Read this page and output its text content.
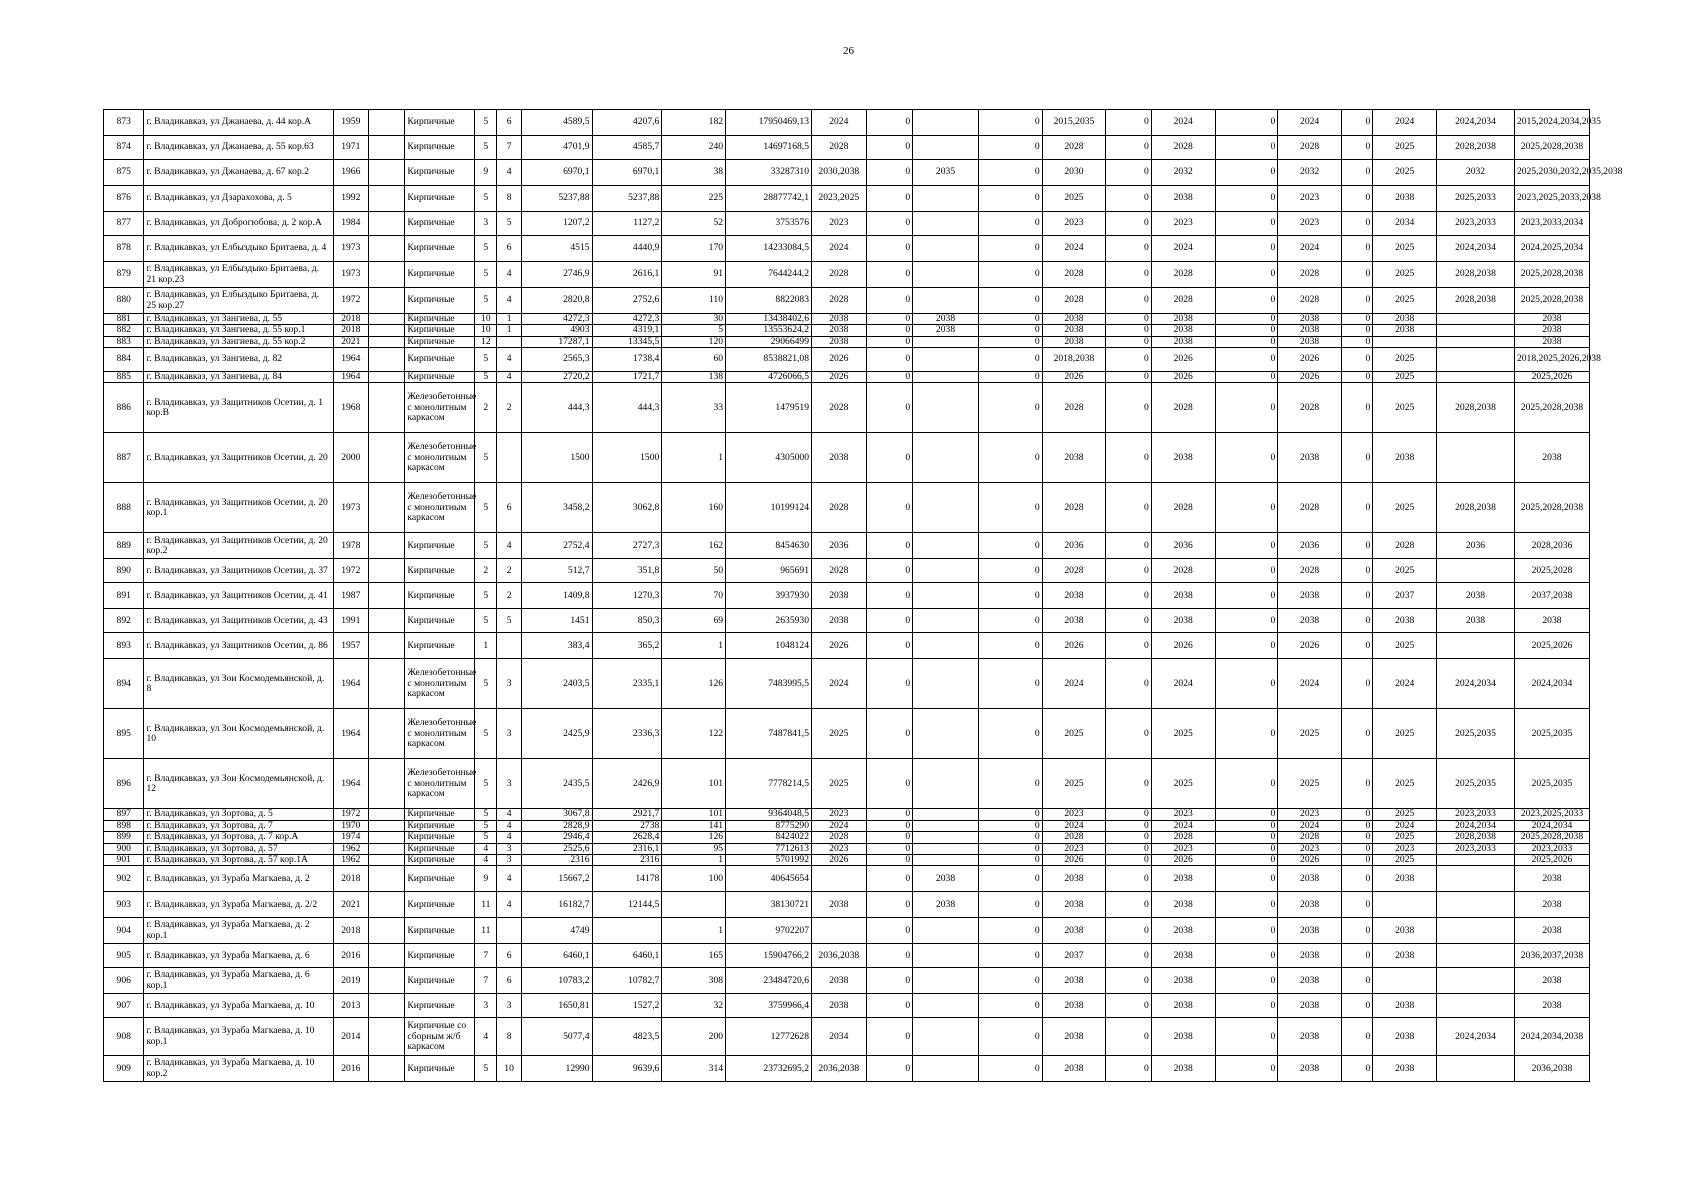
26
873	г. Владикавказ, ул Джанаева, д. 44 кор.А	1959		Кирпичные	5	6	4589,5	4207,6	182	17950469,13	2024	0		0	2015,2035	0	2024	0	2024	0	2024	2024,2034	2015,2024,2034,2035
874	г. Владикавказ, ул Джанаева, д. 55 кор.63	1971		Кирпичные	5	7	4701,9	4585,7	240	14697168,5	2028	0		0	2028	0	2028	0	2028	0	2025	2028,2038	2025,2028,2038
875	г. Владикавказ, ул Джанаева, д. 67 кор.2	1966		Кирпичные	9	4	6970,1	6970,1	38	33287310	2030,2038	0	2035	0	2030	0	2032	0	2032	0	2025	2032	2025,2030,2032,2035,2038
876	г. Владикавказ, ул Дзарахохова, д. 5	1992		Кирпичные	5	8	5237,88	5237,88	225	28877742,1	2023,2025	0		0	2025	0	2038	0	2023	0	2038	2025,2033	2023,2025,2033,2038
877	г. Владикавказ, ул Доброгюбова, д. 2 кор.А	1984		Кирпичные	3	5	1207,2	1127,2	52	3753576	2023	0		0	2023	0	2023	0	2023	0	2034	2023,2033	2023,2033,2034
878	г. Владикавказ, ул Елбыздыко Бритаева, д. 4	1973		Кирпичные	5	6	4515	4440,9	170	14233084,5	2024	0		0	2024	0	2024	0	2024	0	2025	2024,2034	2024,2025,2034
879	г. Владикавказ, ул Елбыздыко Бритаева, д. 21 кор.23	1973		Кирпичные	5	4	2746,9	2616,1	91	7644244,2	2028	0		0	2028	0	2028	0	2028	0	2025	2028,2038	2025,2028,2038
880	г. Владикавказ, ул Елбыздыко Бритаева, д. 25 кор.27	1972		Кирпичные	5	4	2820,8	2752,6	110	8822083	2028	0		0	2028	0	2028	0	2028	0	2025	2028,2038	2025,2028,2038
881	г. Владикавказ, ул Зангиева, д. 55	2018		Кирпичные	10	1	4272,3	4272,3	30	13438402,6	2038	0	2038	0	2038	0	2038	0	2038	0	2038		2038
882	г. Владикавказ, ул Зангиева, д. 55 кор.1	2018		Кирпичные	10	1	4903	4319,1	5	13553624,2	2038	0	2038	0	2038	0	2038	0	2038	0	2038		2038
883	г. Владикавказ, ул Зангиева, д. 55 кор.2	2021		Кирпичные	12		17287,1	13345,5	120	29066499	2038	0		0	2038	0	2038	0	2038	0			2038
884	г. Владикавказ, ул Зангиева, д. 82	1964		Кирпичные	5	4	2565,3	1738,4	60	8538821,08	2026	0		0	2018,2038	0	2026	0	2026	0	2025		2018,2025,2026,2038
885	г. Владикавказ, ул Зангиева, д. 84	1964		Кирпичные	5	4	2720,2	1721,7	138	4726066,5	2026	0		0	2026	0	2026	0	2026	0	2025		2025,2026
886	г. Владикавказ, ул Защитников Осетии, д. 1 кор.В	1968		Железобетонные с монолитным каркасом	2	2	444,3	444,3	33	1479519	2028	0		0	2028	0	2028	0	2028	0	2025	2028,2038	2025,2028,2038
887	г. Владикавказ, ул Защитников Осетии, д. 20	2000		Железобетонные с монолитным каркасом	5		1500	1500	1	4305000	2038	0		0	2038	0	2038	0	2038	0	2038		2038
888	г. Владикавказ, ул Защитников Осетии, д. 20 кор.1	1973		Железобетонные с монолитным каркасом	5	6	3458,2	3062,8	160	10199124	2028	0		0	2028	0	2028	0	2028	0	2025	2028,2038	2025,2028,2038
889	г. Владикавказ, ул Защитников Осетии, д. 20 кор.2	1978		Кирпичные	5	4	2752,4	2727,3	162	8454630	2036	0		0	2036	0	2036	0	2036	0	2028	2036	2028,2036
890	г. Владикавказ, ул Защитников Осетии, д. 37	1972		Кирпичные	2	2	512,7	351,8	50	965691	2028	0		0	2028	0	2028	0	2028	0	2025		2025,2028
891	г. Владикавказ, ул Защитников Осетии, д. 41	1987		Кирпичные	5	2	1409,8	1270,3	70	3937930	2038	0		0	2038	0	2038	0	2038	0	2037	2038	2037,2038
892	г. Владикавказ, ул Защитников Осетии, д. 43	1991		Кирпичные	5	5	1451	850,3	69	2635930	2038	0		0	2038	0	2038	0	2038	0	2038	2038	2038
893	г. Владикавказ, ул Защитников Осетии, д. 86	1957		Кирпичные	1		383,4	365,2	1	1048124	2026	0		0	2026	0	2026	0	2026	0	2025		2025,2026
894	г. Владикавказ, ул Зои Космодемьянской, д. 8	1964		Железобетонные с монолитным каркасом	5	3	2403,5	2335,1	126	7483995,5	2024	0		0	2024	0	2024	0	2024	0	2024	2024,2034	2024,2034
895	г. Владикавказ, ул Зои Космодемьянской, д. 10	1964		Железобетонные с монолитным каркасом	5	3	2425,9	2336,3	122	7487841,5	2025	0		0	2025	0	2025	0	2025	0	2025	2025,2035	2025,2035
896	г. Владикавказ, ул Зои Космодемьянской, д. 12	1964		Железобетонные с монолитным каркасом	5	3	2435,5	2426,9	101	7778214,5	2025	0		0	2025	0	2025	0	2025	0	2025	2025,2035	2025,2035
897	г. Владикавказ, ул Зортова, д. 5	1972		Кирпичные	5	4	3067,8	2921,7	101	9364048,5	2023	0		0	2023	0	2023	0	2023	0	2025	2023,2033	2023,2025,2033
898	г. Владикавказ, ул Зортова, д. 7	1970		Кирпичные	5	4	2828,9	2738	141	8775290	2024	0		0	2024	0	2024	0	2024	0	2024	2024,2034	2024,2034
899	г. Владикавказ, ул Зортова, д. 7 кор.А	1974		Кирпичные	5	4	2946,4	2628,4	126	8424022	2028	0		0	2028	0	2028	0	2028	0	2025	2028,2038	2025,2028,2038
900	г. Владикавказ, ул Зортова, д. 57	1962		Кирпичные	4	3	2525,6	2316,1	95	7712613	2023	0		0	2023	0	2023	0	2023	0	2023	2023,2033	2023,2033
901	г. Владикавказ, ул Зортова, д. 57 кор.1А	1962		Кирпичные	4	3	2316	2316	1	5701992	2026	0		0	2026	0	2026	0	2026	0	2025		2025,2026
902	г. Владикавказ, ул Зураба Магкаева, д. 2	2018		Кирпичные	9	4	15667,2	14178	100	40645654		0	2038	0	2038	0	2038	0	2038	0	2038		2038
903	г. Владикавказ, ул Зураба Магкаева, д. 2/2	2021		Кирпичные	11	4	16182,7	12144,5		38130721	2038	0	2038	0	2038	0	2038	0	2038	0			2038
904	г. Владикавказ, ул Зураба Магкаева, д. 2 кор.1	2018		Кирпичные	11		4749		1	9702207		0		0	2038	0	2038	0	2038	0	2038		2038
905	г. Владикавказ, ул Зураба Магкаева, д. 6	2016		Кирпичные	7	6	6460,1	6460,1	165	15904766,2	2036,2038	0		0	2037	0	2038	0	2038	0	2038		2036,2037,2038
906	г. Владикавказ, ул Зураба Магкаева, д. 6 кор.1	2019		Кирпичные	7	6	10783,2	10782,7	308	23484720,6	2038	0		0	2038	0	2038	0	2038	0			2038
907	г. Владикавказ, ул Зураба Магкаева, д. 10	2013		Кирпичные	3	3	1650,81	1527,2	32	3759966,4	2038	0		0	2038	0	2038	0	2038	0	2038		2038
908	г. Владикавказ, ул Зураба Магкаева, д. 10 кор.1	2014		Кирпичные со сборным ж/б каркасом	4	8	5077,4	4823,5	200	12772628	2034	0		0	2038	0	2038	0	2038	0	2038	2024,2034	2024,2034,2038
909	г. Владикавказ, ул Зураба Магкаева, д. 10 кор.2	2016		Кирпичные	5	10	12990	9639,6	314	23732695,2	2036,2038	0		0	2038	0	2038	0	2038	0	2038		2036,2038
